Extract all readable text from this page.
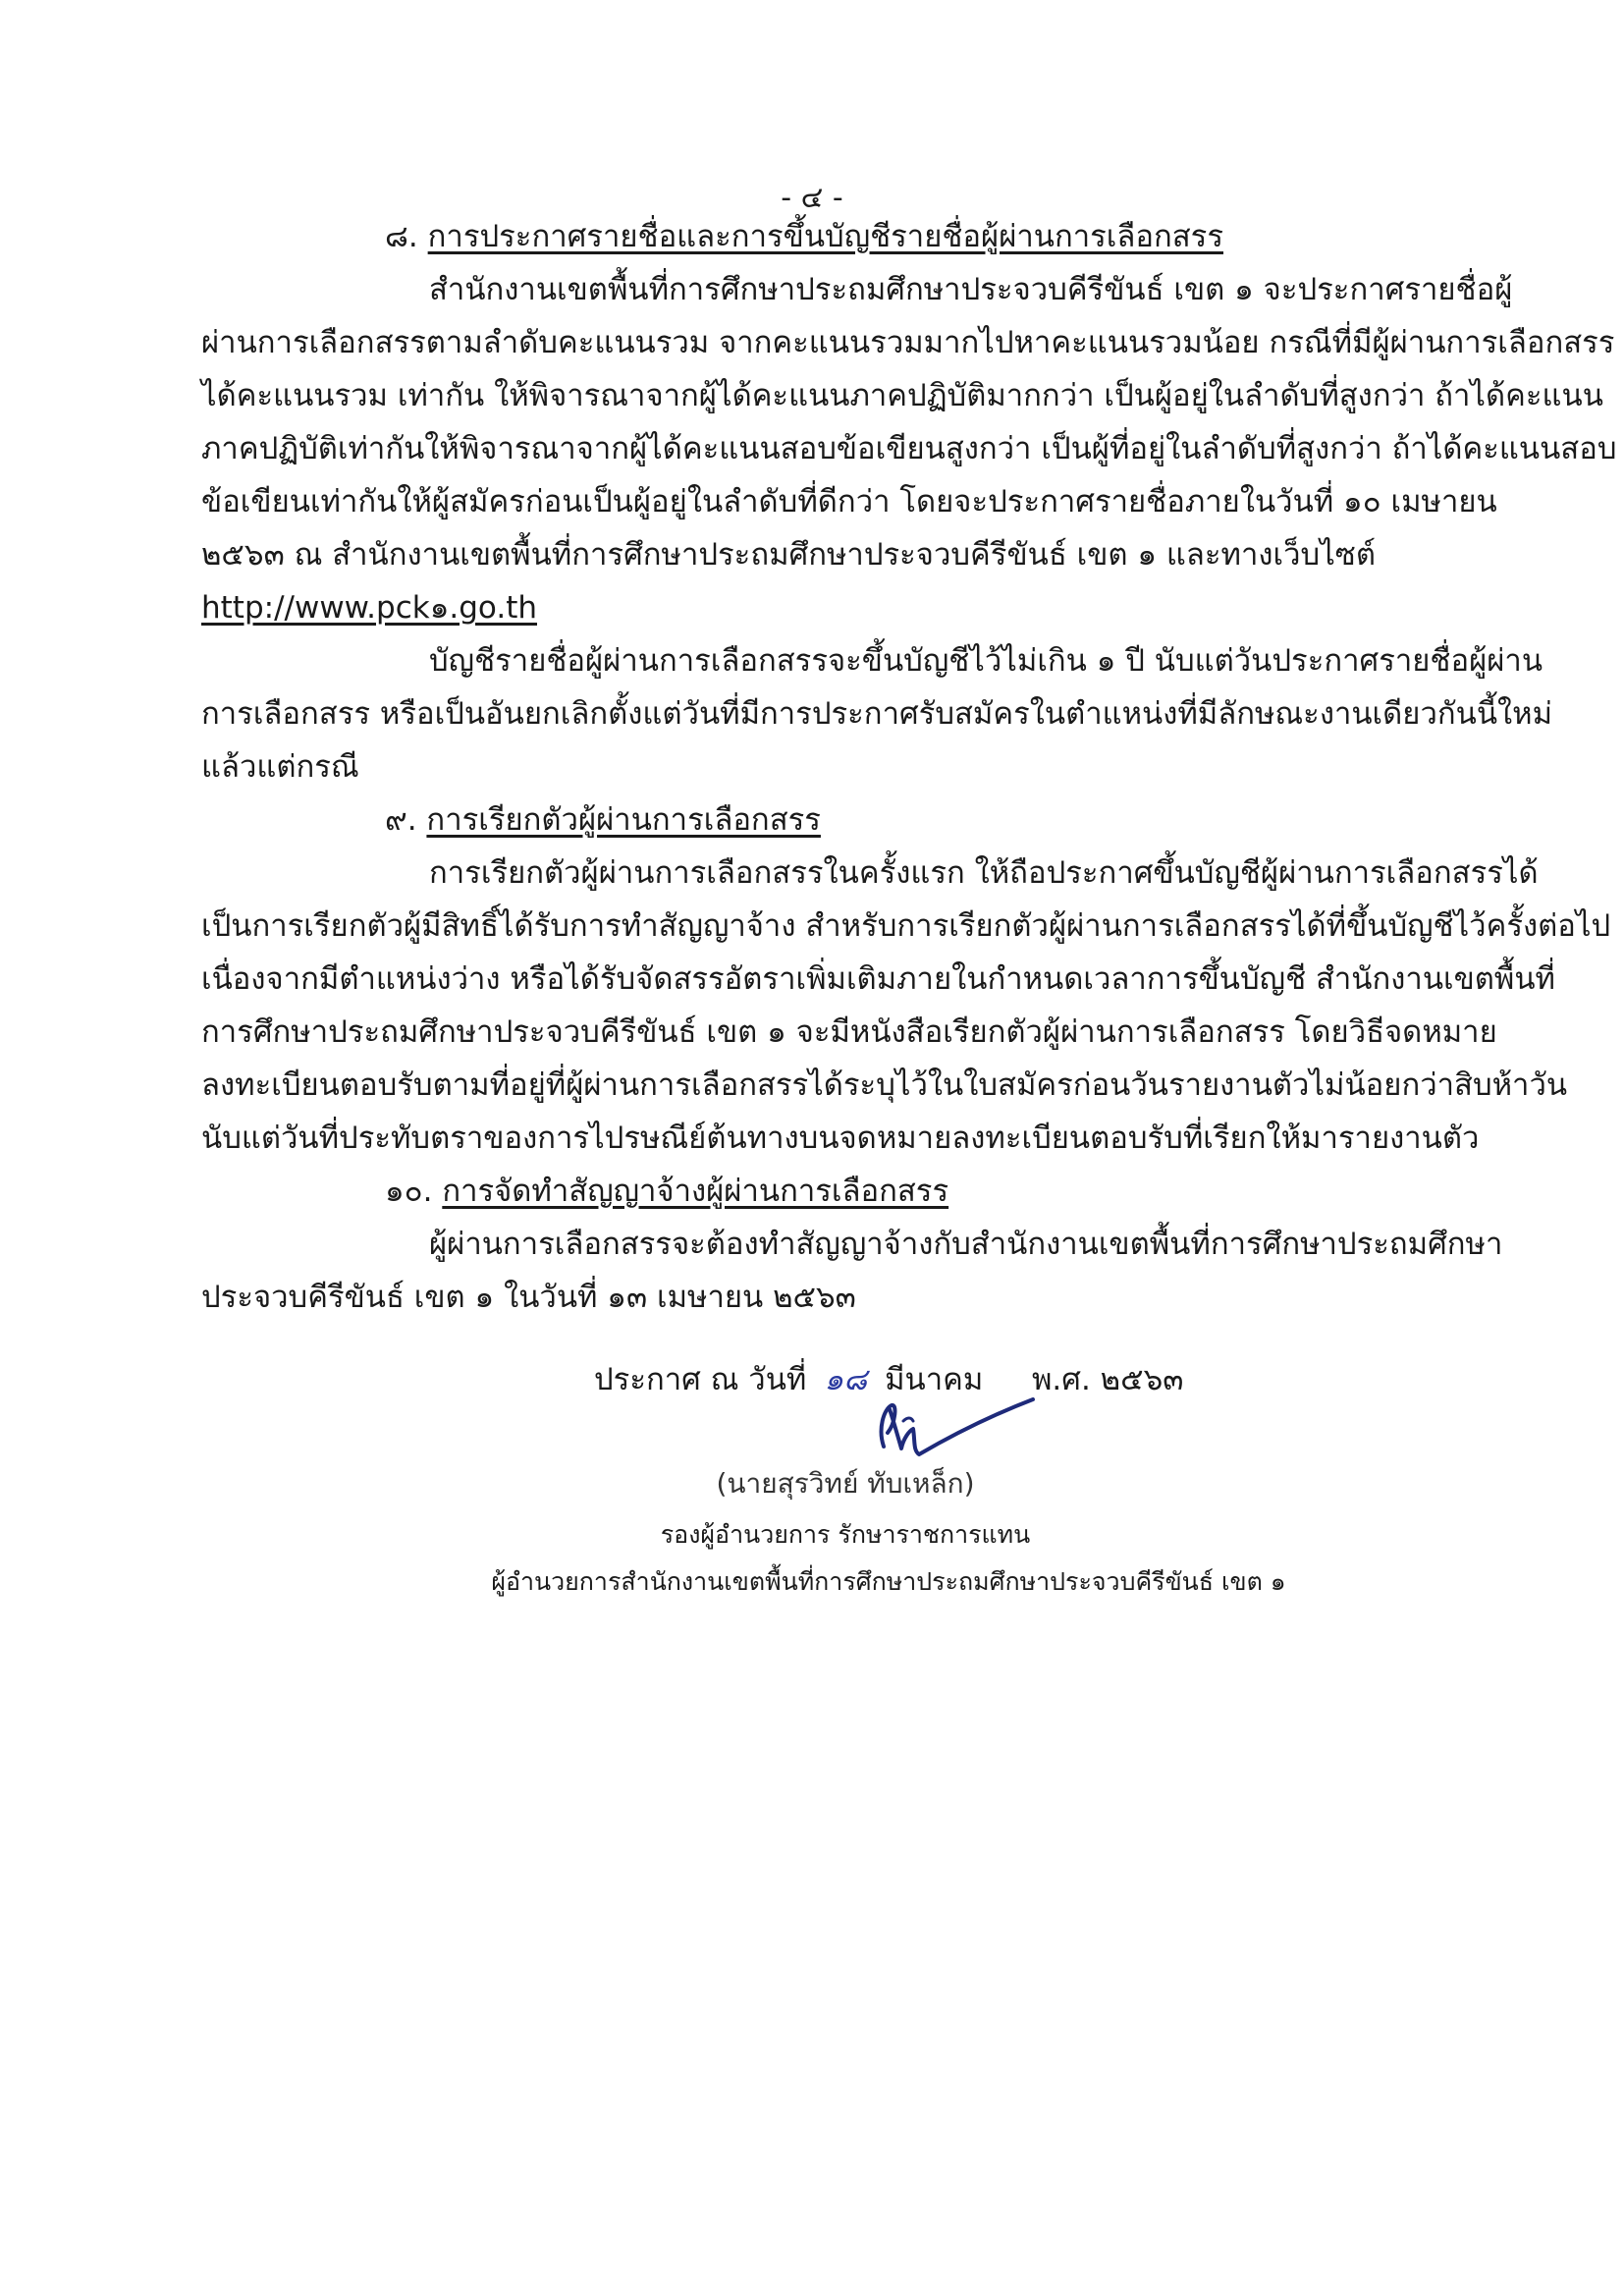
- ๔ -
๘. การประกาศรายชื่อและการขึ้นบัญชีรายชื่อผู้ผ่านการเลือกสรร
สำนักงานเขตพื้นที่การศึกษาประถมศึกษาประจวบคีรีขันธ์ เขต ๑ จะประกาศรายชื่อผู้
ผ่านการเลือกสรรตามลำดับคะแนนรวม จากคะแนนรวมมากไปหาคะแนนรวมน้อย กรณีที่มีผู้ผ่านการเลือกสรร
ได้คะแนนรวม เท่ากัน ให้พิจารณาจากผู้ได้คะแนนภาคปฏิบัติมากกว่า เป็นผู้อยู่ในลำดับที่สูงกว่า ถ้าได้คะแนน
ภาคปฏิบัติเท่ากันให้พิจารณาจากผู้ได้คะแนนสอบข้อเขียนสูงกว่า เป็นผู้ที่อยู่ในลำดับที่สูงกว่า ถ้าได้คะแนนสอบ
ข้อเขียนเท่ากันให้ผู้สมัครก่อนเป็นผู้อยู่ในลำดับที่ดีกว่า โดยจะประกาศรายชื่อภายในวันที่ ๑๐ เมษายน
๒๕๖๓ ณ สำนักงานเขตพื้นที่การศึกษาประถมศึกษาประจวบคีรีขันธ์ เขต ๑ และทางเว็บไซต์
http://www.pck๑.go.th
บัญชีรายชื่อผู้ผ่านการเลือกสรรจะขึ้นบัญชีไว้ไม่เกิน ๑ ปี นับแต่วันประกาศรายชื่อผู้ผ่าน
การเลือกสรร หรือเป็นอันยกเลิกตั้งแต่วันที่มีการประกาศรับสมัครในตำแหน่งที่มีลักษณะงานเดียวกันนี้ใหม่
แล้วแต่กรณี
๙. การเรียกตัวผู้ผ่านการเลือกสรร
การเรียกตัวผู้ผ่านการเลือกสรรในครั้งแรก ให้ถือประกาศขึ้นบัญชีผู้ผ่านการเลือกสรรได้
เป็นการเรียกตัวผู้มีสิทธิ์ได้รับการทำสัญญาจ้าง สำหรับการเรียกตัวผู้ผ่านการเลือกสรรได้ที่ขึ้นบัญชีไว้ครั้งต่อไป
เนื่องจากมีตำแหน่งว่าง หรือได้รับจัดสรรอัตราเพิ่มเติมภายในกำหนดเวลาการขึ้นบัญชี สำนักงานเขตพื้นที่
การศึกษาประถมศึกษาประจวบคีรีขันธ์ เขต ๑ จะมีหนังสือเรียกตัวผู้ผ่านการเลือกสรร โดยวิธีจดหมาย
ลงทะเบียนตอบรับตามที่อยู่ที่ผู้ผ่านการเลือกสรรได้ระบุไว้ในใบสมัครก่อนวันรายงานตัวไม่น้อยกว่าสิบห้าวัน
นับแต่วันที่ประทับตราของการไปรษณีย์ต้นทางบนจดหมายลงทะเบียนตอบรับที่เรียกให้มารายงานตัว
๑๐. การจัดทำสัญญาจ้างผู้ผ่านการเลือกสรร
ผู้ผ่านการเลือกสรรจะต้องทำสัญญาจ้างกับสำนักงานเขตพื้นที่การศึกษาประถมศึกษา
ประจวบคีรีขันธ์ เขต ๑ ในวันที่ ๑๓ เมษายน ๒๕๖๓
ประกาศ ณ วันที่ ๑๘ มีนาคม พ.ศ. ๒๕๖๓
(นายสุรวิทย์ ทับเหล็ก)
รองผู้อำนวยการ รักษาราชการแทน
ผู้อำนวยการสำนักงานเขตพื้นที่การศึกษาประถมศึกษาประจวบคีรีขันธ์ เขต ๑
